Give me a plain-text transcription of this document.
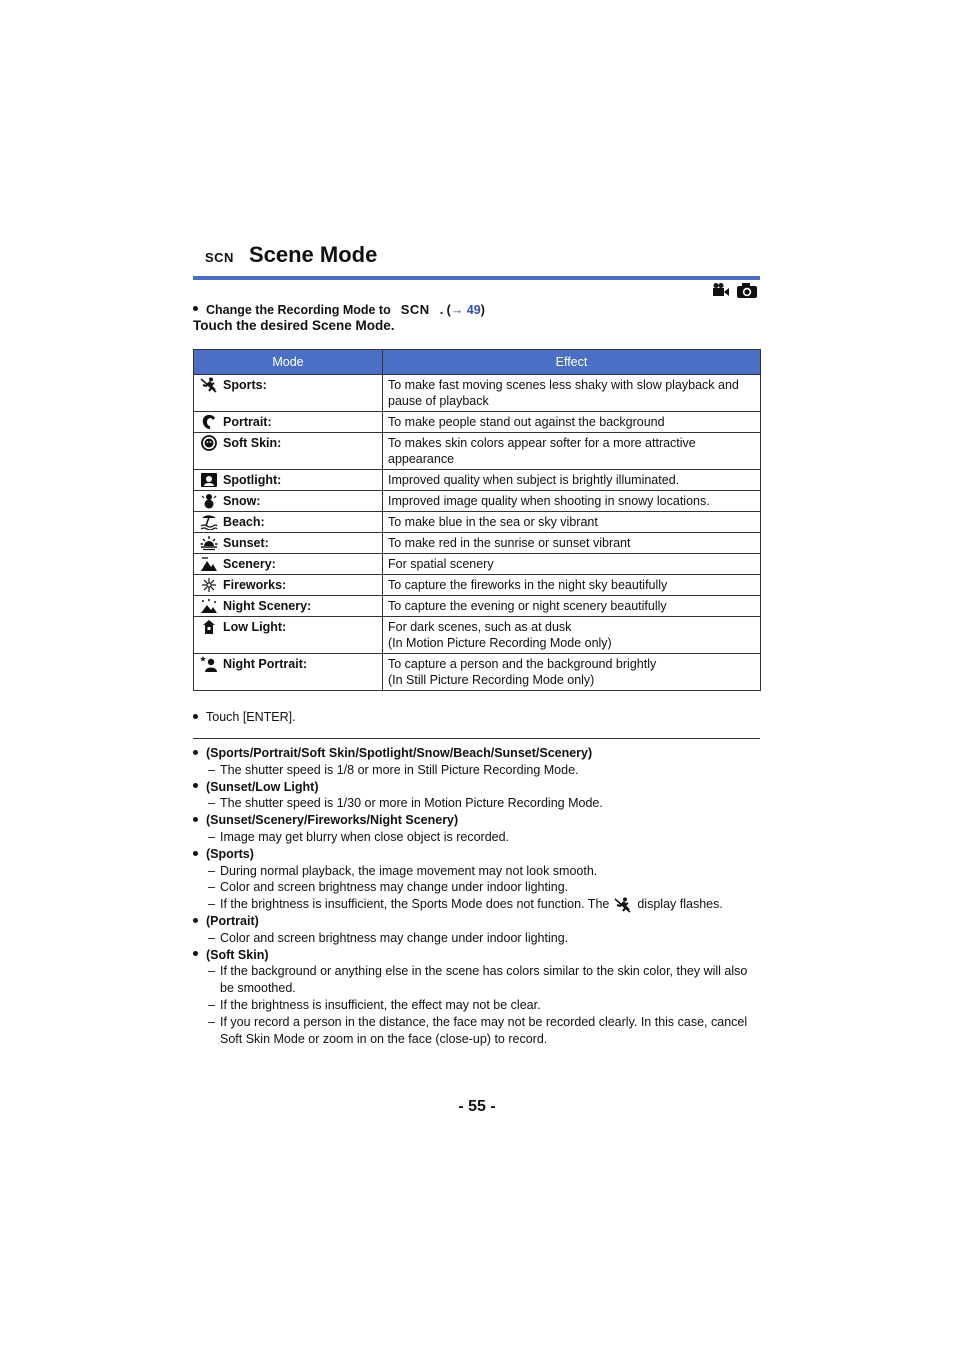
SCN Scene Mode
Change the Recording Mode to SCN . ( → 49 )
Touch the desired Scene Mode.
Mode	Effect

Sports:	To make fast moving scenes less shaky with slow playback and
pause of playback

Portrait:	To make people stand out against the background

Soft Skin:	To makes skin colors appear softer for a more attractive
appearance

Spotlight:	Improved quality when subject is brightly illuminated.

Snow:	Improved image quality when shooting in snowy locations.

Beach:	To make blue in the sea or sky vibrant

Sunset:	To make red in the sunrise or sunset vibrant

Scenery:	For spatial scenery

Fireworks:	To capture the fireworks in the night sky beautifully

Night Scenery:	To capture the evening or night scenery beautifully

Low Light:	For dark scenes, such as at dusk
(In Motion Picture Recording Mode only)

Night Portrait:	To capture a person and the background brightly
(In Still Picture Recording Mode only)
Touch [ENTER].
(Sports/Portrait/Soft Skin/Spotlight/Snow/Beach/Sunset/Scenery)
– The shutter speed is 1/8 or more in Still Picture Recording Mode.
(Sunset/Low Light)
– The shutter speed is 1/30 or more in Motion Picture Recording Mode.
(Sunset/Scenery/Fireworks/Night Scenery)
– Image may get blurry when close object is recorded.
(Sports)
– During normal playback, the image movement may not look smooth.
– Color and screen brightness may change under indoor lighting.
– If the brightness is insufficient, the Sports Mode does not function. The display flashes.
(Portrait)
– Color and screen brightness may change under indoor lighting.
(Soft Skin)
– If the background or anything else in the scene has colors similar to the skin color, they will also be smoothed.
– If the brightness is insufficient, the effect may not be clear.
– If you record a person in the distance, the face may not be recorded clearly. In this case, cancel Soft Skin Mode or zoom in on the face (close-up) to record.
- 55 -
